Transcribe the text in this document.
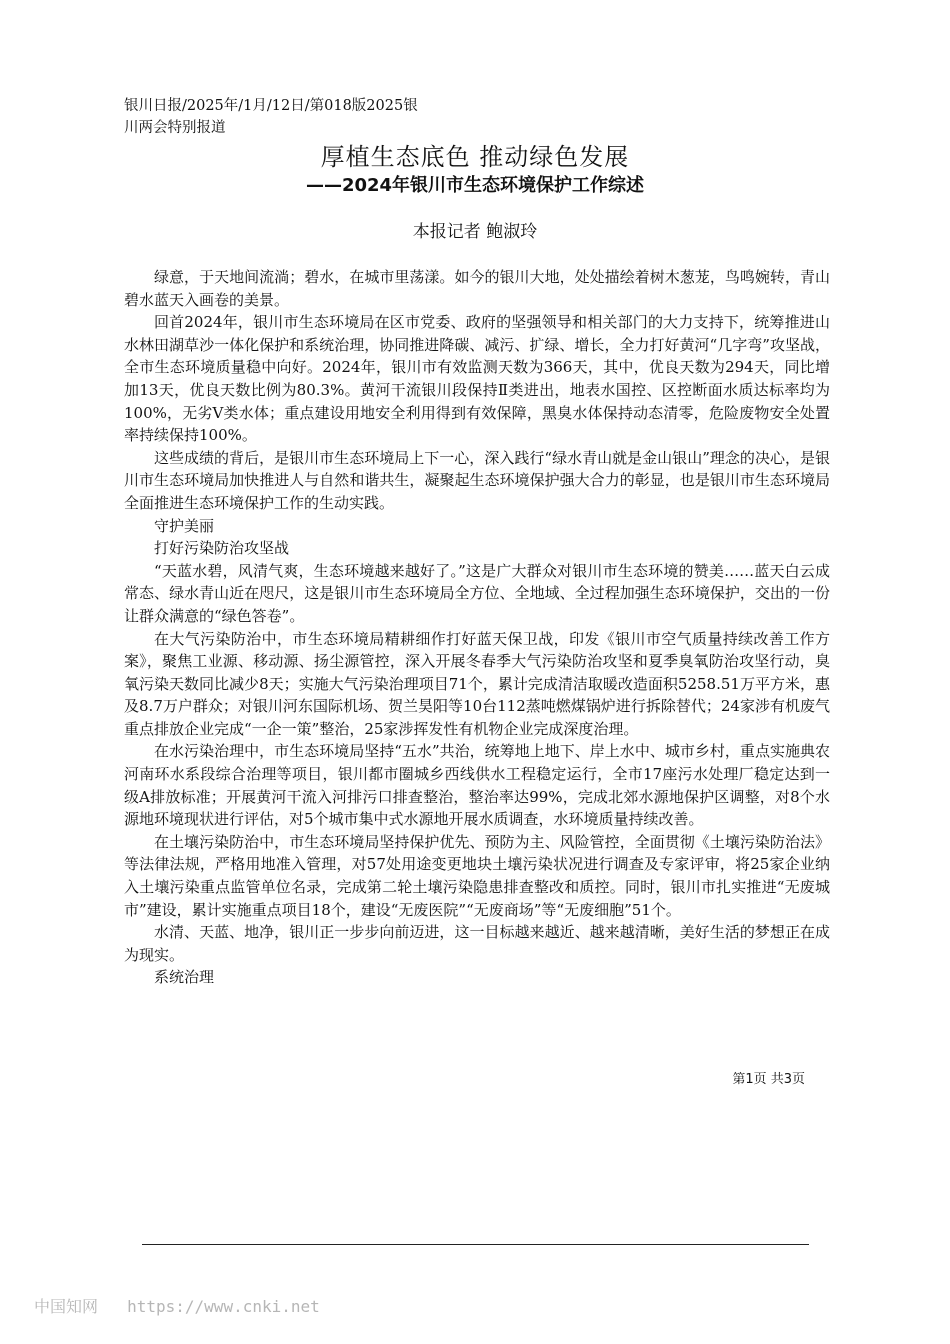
银川日报/2025年/1月/12日/第018版2025银川两会特别报道
厚植生态底色 推动绿色发展
——2024年银川市生态环境保护工作综述
本报记者 鲍淑玲

绿意，于天地间流淌；碧水，在城市里荡漾。如今的银川大地，处处描绘着树木葱茏，鸟鸣婉转，青山碧水蓝天入画卷的美景。

回首2024年，银川市生态环境局在区市党委、政府的坚强领导和相关部门的大力支持下，统筹推进山水林田湖草沙一体化保护和系统治理，协同推进降碳、减污、扩绿、增长，全力打好黄河“几字弯”攻坚战，全市生态环境质量稳中向好。2024年，银川市有效监测天数为366天，其中，优良天数为294天，同比增加13天，优良天数比例为80.3%。黄河干流银川段保持Ⅱ类进出，地表水国控、区控断面水质达标率均为100%，无劣Ⅴ类水体；重点建设用地安全利用得到有效保障，黑臭水体保持动态清零，危险废物安全处置率持续保持100%。

这些成绩的背后，是银川市生态环境局上下一心，深入践行“绿水青山就是金山银山”理念的决心，是银川市生态环境局加快推进人与自然和谐共生，凝聚起生态环境保护强大合力的彰显，也是银川市生态环境局全面推进生态环境保护工作的生动实践。

守护美丽

打好污染防治攻坚战

“天蓝水碧，风清气爽，生态环境越来越好了。”这是广大群众对银川市生态环境的赞美……蓝天白云成常态、绿水青山近在咫尺，这是银川市生态环境局全方位、全地域、全过程加强生态环境保护，交出的一份让群众满意的“绿色答卷”。

在大气污染防治中，市生态环境局精耕细作打好蓝天保卫战，印发《银川市空气质量持续改善工作方案》，聚焦工业源、移动源、扬尘源管控，深入开展冬春季大气污染防治攻坚和夏季臭氧防治攻坚行动，臭氧污染天数同比减少8天；实施大气污染治理项目71个，累计完成清洁取暖改造面积5258.51万平方米，惠及8.7万户群众；对银川河东国际机场、贺兰昊阳等10台112蒸吨燃煤锅炉进行拆除替代；24家涉有机废气重点排放企业完成“一企一策”整治，25家涉挥发性有机物企业完成深度治理。

在水污染治理中，市生态环境局坚持“五水”共治，统筹地上地下、岸上水中、城市乡村，重点实施典农河南环水系段综合治理等项目，银川都市圈城乡西线供水工程稳定运行，全市17座污水处理厂稳定达到一级A排放标准；开展黄河干流入河排污口排查整治，整治率达99%，完成北郊水源地保护区调整，对8个水源地环境现状进行评估，对5个城市集中式水源地开展水质调查，水环境质量持续改善。

在土壤污染防治中，市生态环境局坚持保护优先、预防为主、风险管控，全面贯彻《土壤污染防治法》等法律法规，严格用地准入管理，对57处用途变更地块土壤污染状况进行调查及专家评审，将25家企业纳入土壤污染重点监管单位名录，完成第二轮土壤污染隐患排查整改和质控。同时，银川市扎实推进“无废城市”建设，累计实施重点项目18个，建设“无废医院”“无废商场”等“无废细胞”51个。

水清、天蓝、地净，银川正一步步向前迈进，这一目标越来越近、越来越清晰，美好生活的梦想正在成为现实。

系统治理

第1页 共3页
中国知网 https://www.cnki.net
